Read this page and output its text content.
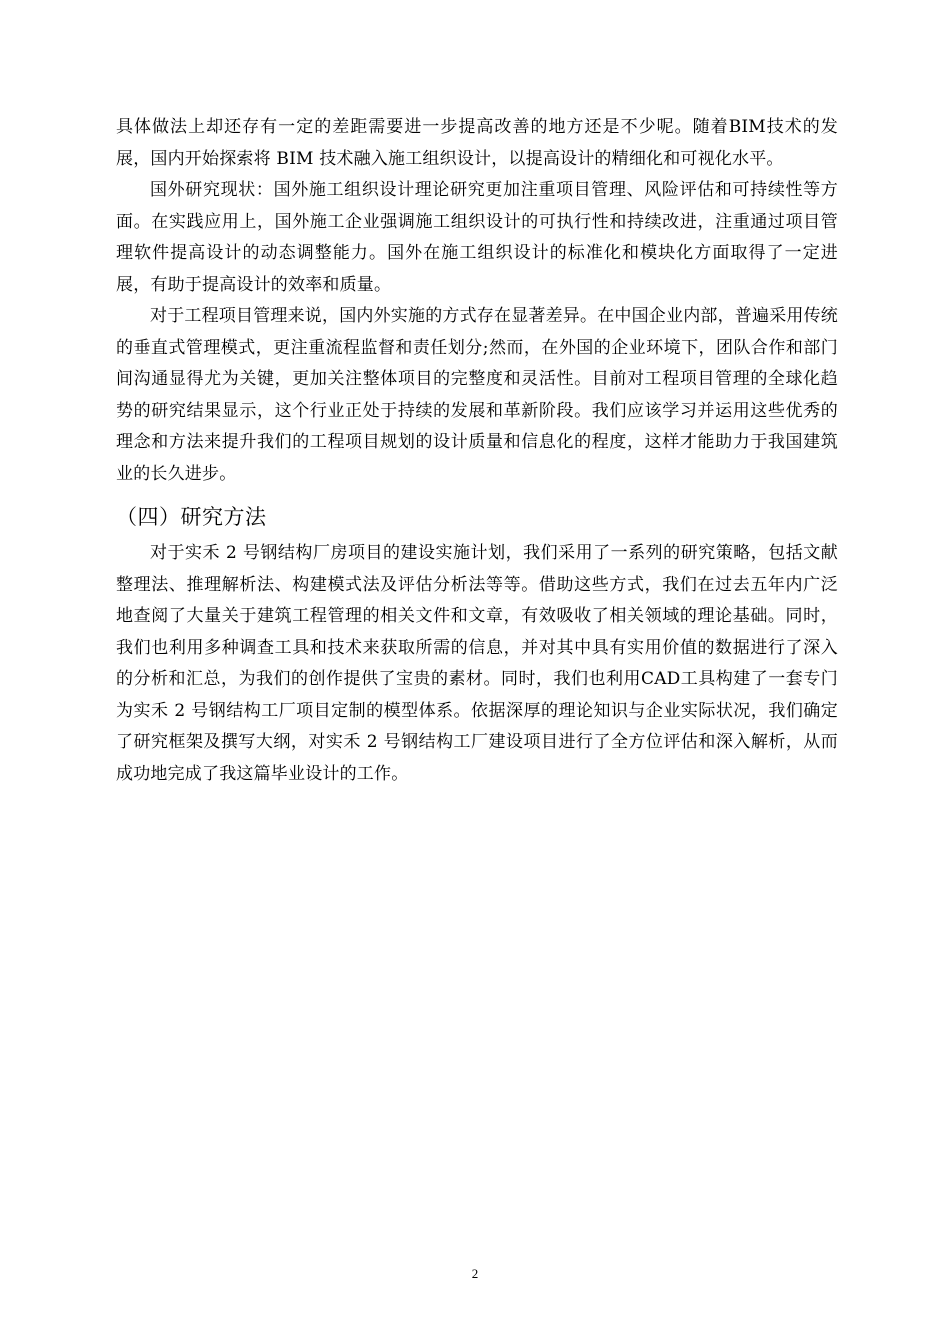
具体做法上却还存有一定的差距需要进一步提高改善的地方还是不少呢。随着BIM技术的发展，国内开始探索将 BIM 技术融入施工组织设计，以提高设计的精细化和可视化水平。

国外研究现状：国外施工组织设计理论研究更加注重项目管理、风险评估和可持续性等方面。在实践应用上，国外施工企业强调施工组织设计的可执行性和持续改进，注重通过项目管理软件提高设计的动态调整能力。国外在施工组织设计的标准化和模块化方面取得了一定进展，有助于提高设计的效率和质量。

对于工程项目管理来说，国内外实施的方式存在显著差异。在中国企业内部，普遍采用传统的垂直式管理模式，更注重流程监督和责任划分;然而，在外国的企业环境下，团队合作和部门间沟通显得尤为关键，更加关注整体项目的完整度和灵活性。目前对工程项目管理的全球化趋势的研究结果显示，这个行业正处于持续的发展和革新阶段。我们应该学习并运用这些优秀的理念和方法来提升我们的工程项目规划的设计质量和信息化的程度，这样才能助力于我国建筑业的长久进步。

（四）研究方法

对于实禾 2 号钢结构厂房项目的建设实施计划，我们采用了一系列的研究策略，包括文献整理法、推理解析法、构建模式法及评估分析法等等。借助这些方式，我们在过去五年内广泛地查阅了大量关于建筑工程管理的相关文件和文章，有效吸收了相关领域的理论基础。同时，我们也利用多种调查工具和技术来获取所需的信息，并对其中具有实用价值的数据进行了深入的分析和汇总，为我们的创作提供了宝贵的素材。同时，我们也利用CAD工具构建了一套专门为实禾 2 号钢结构工厂项目定制的模型体系。依据深厚的理论知识与企业实际状况，我们确定了研究框架及撰写大纲，对实禾 2 号钢结构工厂建设项目进行了全方位评估和深入解析，从而成功地完成了我这篇毕业设计的工作。

2
